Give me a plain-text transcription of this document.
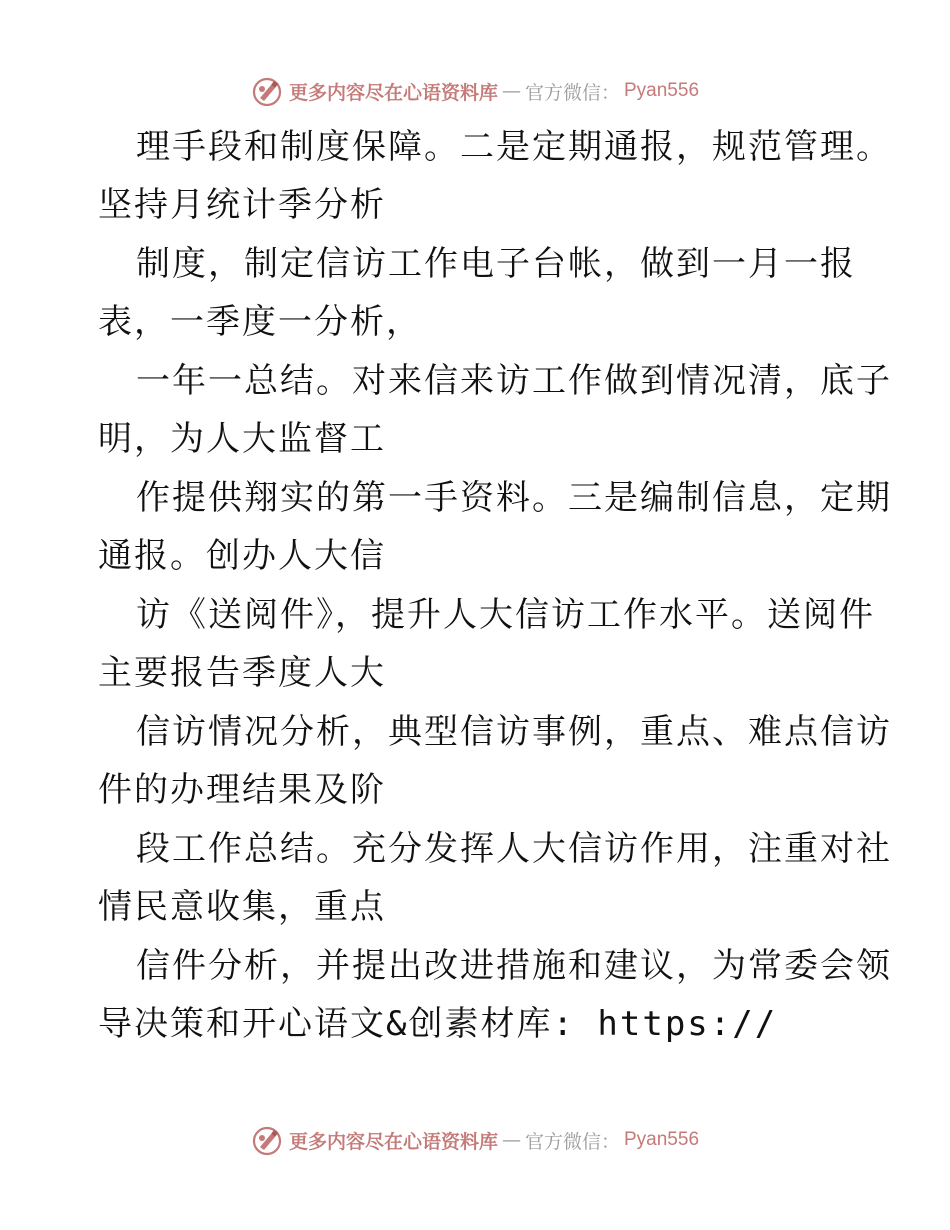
更多内容尽在心语资料库 — 官方微信： Pyan556
理手段和制度保障。二是定期通报，规范管理。
坚持月统计季分析
制度，制定信访工作电子台帐，做到一月一报
表，一季度一分析，
一年一总结。对来信来访工作做到情况清，底子
明，为人大监督工
作提供翔实的第一手资料。三是编制信息，定期
通报。创办人大信
访《送阅件》，提升人大信访工作水平。送阅件
主要报告季度人大
信访情况分析，典型信访事例，重点、难点信访
件的办理结果及阶
段工作总结。充分发挥人大信访作用，注重对社
情民意收集，重点
信件分析，并提出改进措施和建议，为常委会领
导决策和开心语文&创素材库: https://
更多内容尽在心语资料库 — 官方微信： Pyan556
